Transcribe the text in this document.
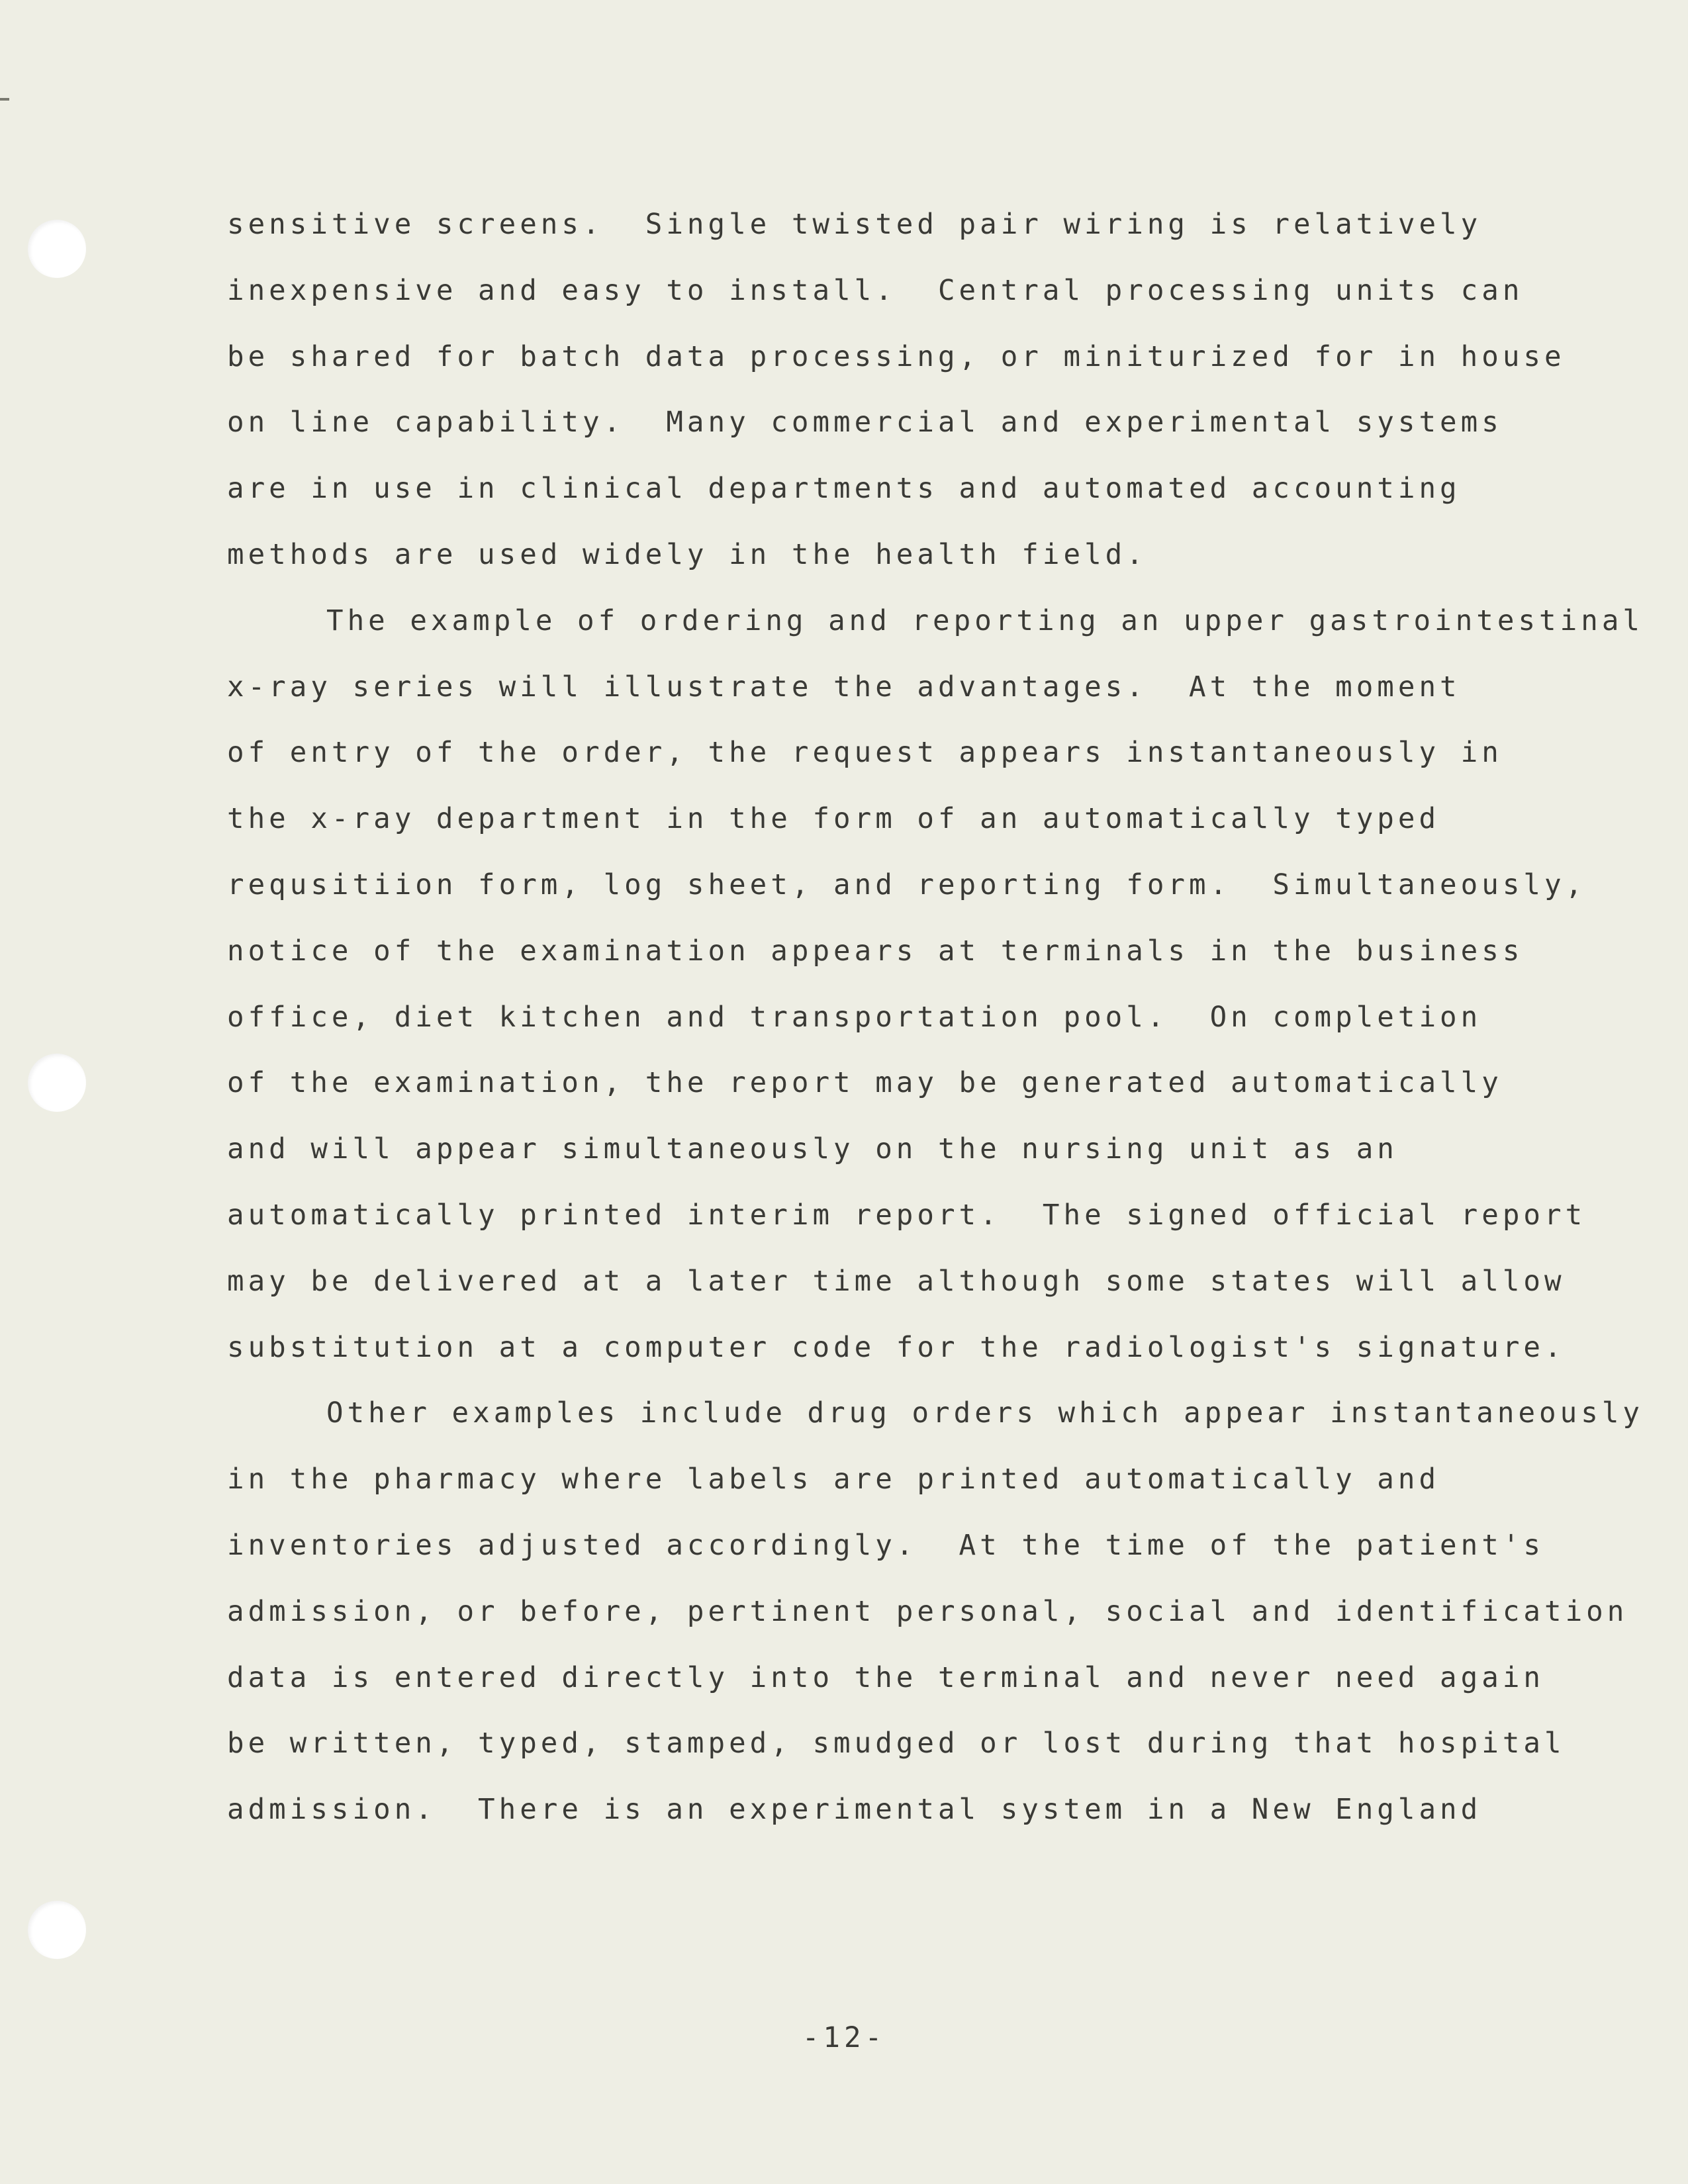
sensitive screens.  Single twisted pair wiring is relatively
inexpensive and easy to install.  Central processing units can
be shared for batch data processing, or miniturized for in house
on line capability.  Many commercial and experimental systems
are in use in clinical departments and automated accounting
methods are used widely in the health field.
The example of ordering and reporting an upper gastrointestinal
x-ray series will illustrate the advantages.  At the moment
of entry of the order, the request appears instantaneously in
the x-ray department in the form of an automatically typed
requsitiion form, log sheet, and reporting form.  Simultaneously,
notice of the examination appears at terminals in the business
office, diet kitchen and transportation pool.  On completion
of the examination, the report may be generated automatically
and will appear simultaneously on the nursing unit as an
automatically printed interim report.  The signed official report
may be delivered at a later time although some states will allow
substitution at a computer code for the radiologist's signature.
Other examples include drug orders which appear instantaneously
in the pharmacy where labels are printed automatically and
inventories adjusted accordingly.  At the time of the patient's
admission, or before, pertinent personal, social and identification
data is entered directly into the terminal and never need again
be written, typed, stamped, smudged or lost during that hospital
admission.  There is an experimental system in a New England
-12-
